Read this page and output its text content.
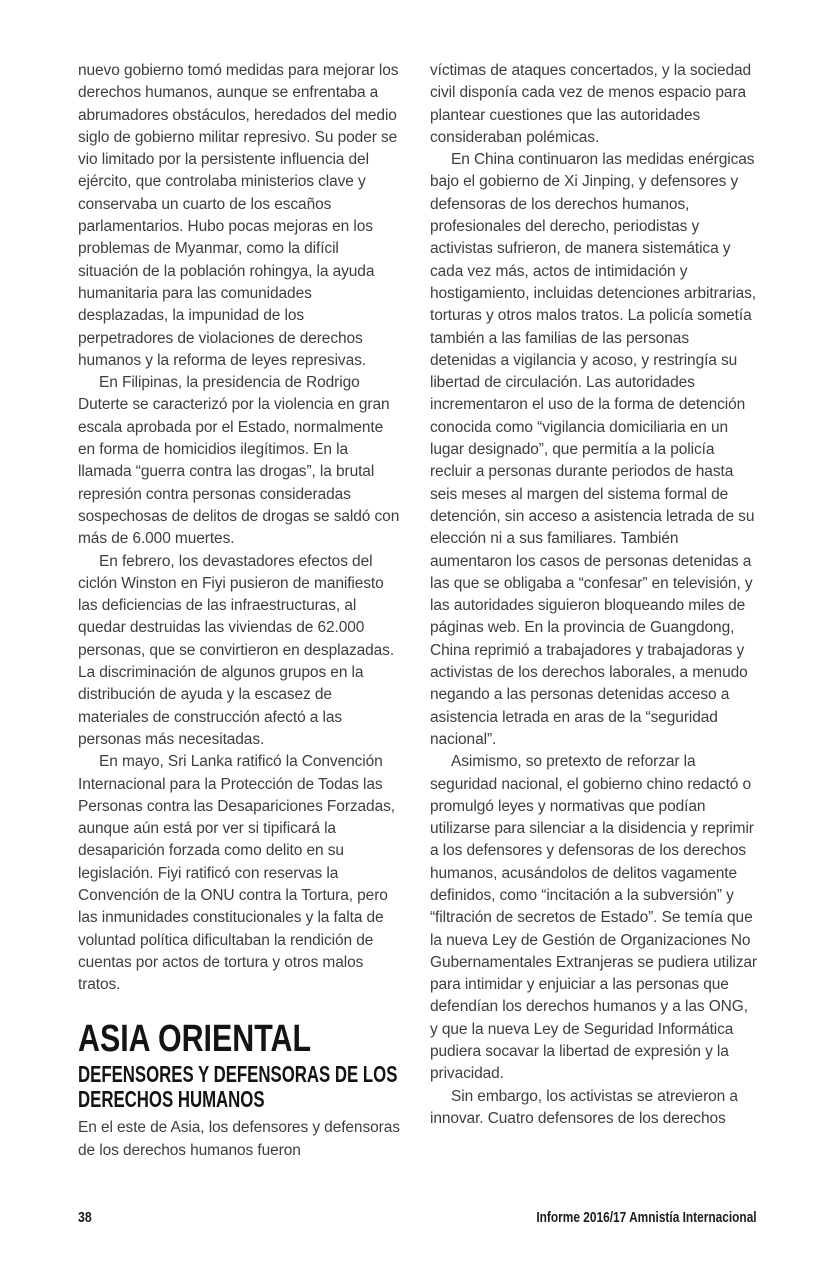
nuevo gobierno tomó medidas para mejorar los derechos humanos, aunque se enfrentaba a abrumadores obstáculos, heredados del medio siglo de gobierno militar represivo. Su poder se vio limitado por la persistente influencia del ejército, que controlaba ministerios clave y conservaba un cuarto de los escaños parlamentarios. Hubo pocas mejoras en los problemas de Myanmar, como la difícil situación de la población rohingya, la ayuda humanitaria para las comunidades desplazadas, la impunidad de los perpetradores de violaciones de derechos humanos y la reforma de leyes represivas.

En Filipinas, la presidencia de Rodrigo Duterte se caracterizó por la violencia en gran escala aprobada por el Estado, normalmente en forma de homicidios ilegítimos. En la llamada “guerra contra las drogas”, la brutal represión contra personas consideradas sospechosas de delitos de drogas se saldó con más de 6.000 muertes.

En febrero, los devastadores efectos del ciclón Winston en Fiyi pusieron de manifiesto las deficiencias de las infraestructuras, al quedar destruidas las viviendas de 62.000 personas, que se convirtieron en desplazadas. La discriminación de algunos grupos en la distribución de ayuda y la escasez de materiales de construcción afectó a las personas más necesitadas.

En mayo, Sri Lanka ratificó la Convención Internacional para la Protección de Todas las Personas contra las Desapariciones Forzadas, aunque aún está por ver si tipificará la desaparición forzada como delito en su legislación. Fiyi ratificó con reservas la Convención de la ONU contra la Tortura, pero las inmunidades constitucionales y la falta de voluntad política dificultaban la rendición de cuentas por actos de tortura y otros malos tratos.

ASIA ORIENTAL
DEFENSORES Y DEFENSORAS DE LOS DERECHOS HUMANOS

En el este de Asia, los defensores y defensoras de los derechos humanos fueron

víctimas de ataques concertados, y la sociedad civil disponía cada vez de menos espacio para plantear cuestiones que las autoridades consideraban polémicas.

En China continuaron las medidas enérgicas bajo el gobierno de Xi Jinping, y defensores y defensoras de los derechos humanos, profesionales del derecho, periodistas y activistas sufrieron, de manera sistemática y cada vez más, actos de intimidación y hostigamiento, incluidas detenciones arbitrarias, torturas y otros malos tratos. La policía sometía también a las familias de las personas detenidas a vigilancia y acoso, y restringía su libertad de circulación. Las autoridades incrementaron el uso de la forma de detención conocida como “vigilancia domiciliaria en un lugar designado”, que permitía a la policía recluir a personas durante periodos de hasta seis meses al margen del sistema formal de detención, sin acceso a asistencia letrada de su elección ni a sus familiares. También aumentaron los casos de personas detenidas a las que se obligaba a “confesar” en televisión, y las autoridades siguieron bloqueando miles de páginas web. En la provincia de Guangdong, China reprimió a trabajadores y trabajadoras y activistas de los derechos laborales, a menudo negando a las personas detenidas acceso a asistencia letrada en aras de la “seguridad nacional”.

Asimismo, so pretexto de reforzar la seguridad nacional, el gobierno chino redactó o promulgó leyes y normativas que podían utilizarse para silenciar a la disidencia y reprimir a los defensores y defensoras de los derechos humanos, acusándolos de delitos vagamente definidos, como “incitación a la subversión” y “filtración de secretos de Estado”. Se temía que la nueva Ley de Gestión de Organizaciones No Gubernamentales Extranjeras se pudiera utilizar para intimidar y enjuiciar a las personas que defendían los derechos humanos y a las ONG, y que la nueva Ley de Seguridad Informática pudiera socavar la libertad de expresión y la privacidad.

Sin embargo, los activistas se atrevieron a innovar. Cuatro defensores de los derechos

38	Informe 2016/17 Amnistía Internacional
